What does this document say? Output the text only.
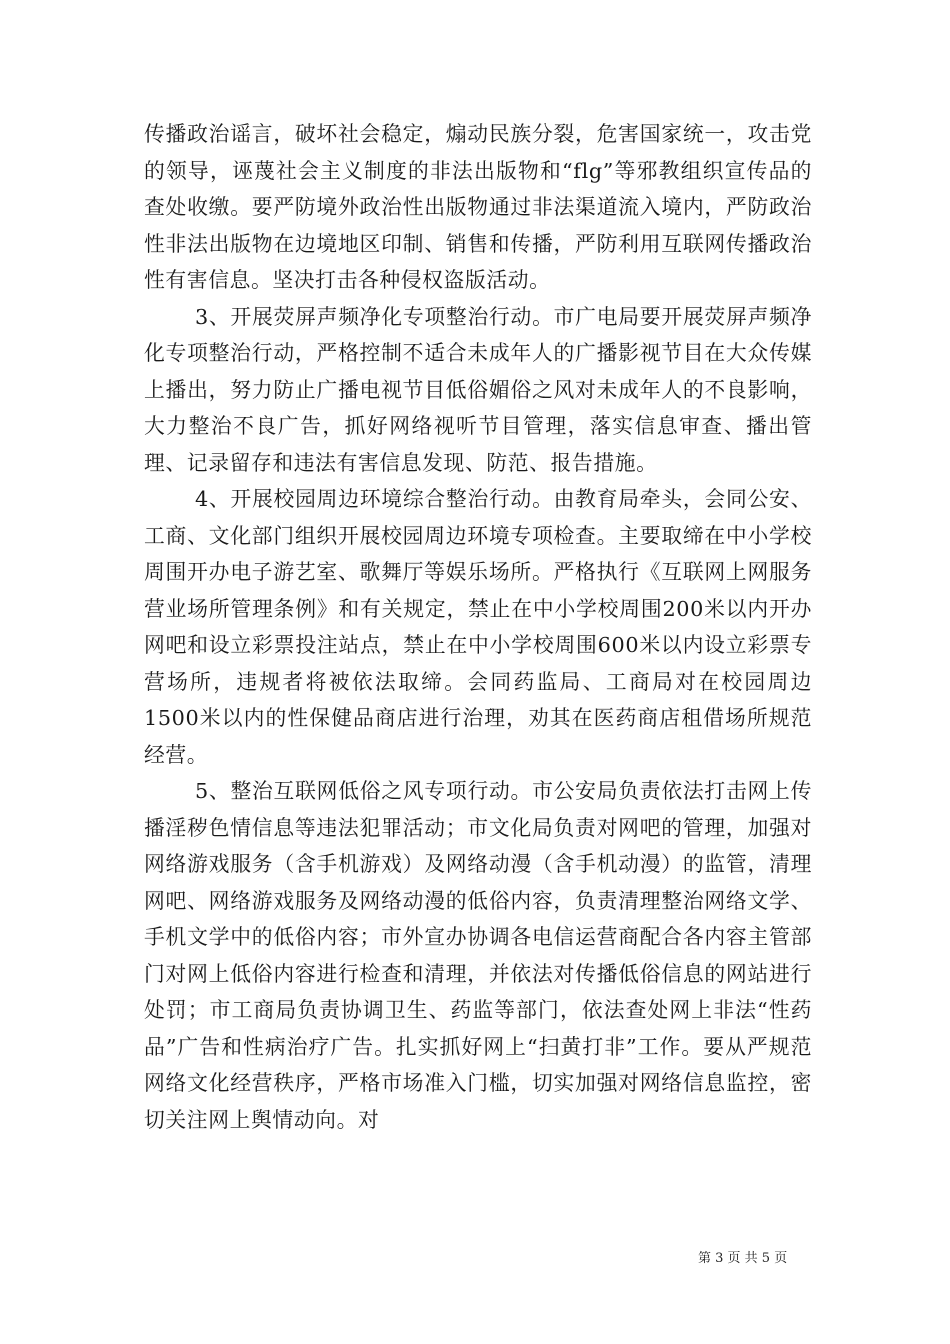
传播政治谣言，破坏社会稳定，煽动民族分裂，危害国家统一，攻击党的领导，诬蔑社会主义制度的非法出版物和“flg”等邪教组织宣传品的查处收缴。要严防境外政治性出版物通过非法渠道流入境内，严防政治性非法出版物在边境地区印制、销售和传播，严防利用互联网传播政治性有害信息。坚决打击各种侵权盗版活动。

3、开展荧屏声频净化专项整治行动。市广电局要开展荧屏声频净化专项整治行动，严格控制不适合未成年人的广播影视节目在大众传媒上播出，努力防止广播电视节目低俗媚俗之风对未成年人的不良影响，大力整治不良广告，抓好网络视听节目管理，落实信息审查、播出管理、记录留存和违法有害信息发现、防范、报告措施。

4、开展校园周边环境综合整治行动。由教育局牵头，会同公安、工商、文化部门组织开展校园周边环境专项检查。主要取缔在中小学校周围开办电子游艺室、歌舞厅等娱乐场所。严格执行《互联网上网服务营业场所管理条例》和有关规定，禁止在中小学校周围200米以内开办网吧和设立彩票投注站点，禁止在中小学校周围600米以内设立彩票专营场所，违规者将被依法取缔。会同药监局、工商局对在校园周边1500米以内的性保健品商店进行治理，劝其在医药商店租借场所规范经营。

5、整治互联网低俗之风专项行动。市公安局负责依法打击网上传播淫秽色情信息等违法犯罪活动；市文化局负责对网吧的管理，加强对网络游戏服务（含手机游戏）及网络动漫（含手机动漫）的监管，清理网吧、网络游戏服务及网络动漫的低俗内容，负责清理整治网络文学、手机文学中的低俗内容；市外宣办协调各电信运营商配合各内容主管部门对网上低俗内容进行检查和清理，并依法对传播低俗信息的网站进行处罚；市工商局负责协调卫生、药监等部门，依法查处网上非法“性药品”广告和性病治疗广告。扎实抓好网上“扫黄打非”工作。要从严规范网络文化经营秩序，严格市场准入门槛，切实加强对网络信息监控，密切关注网上舆情动向。对

第 3 页 共 5 页
